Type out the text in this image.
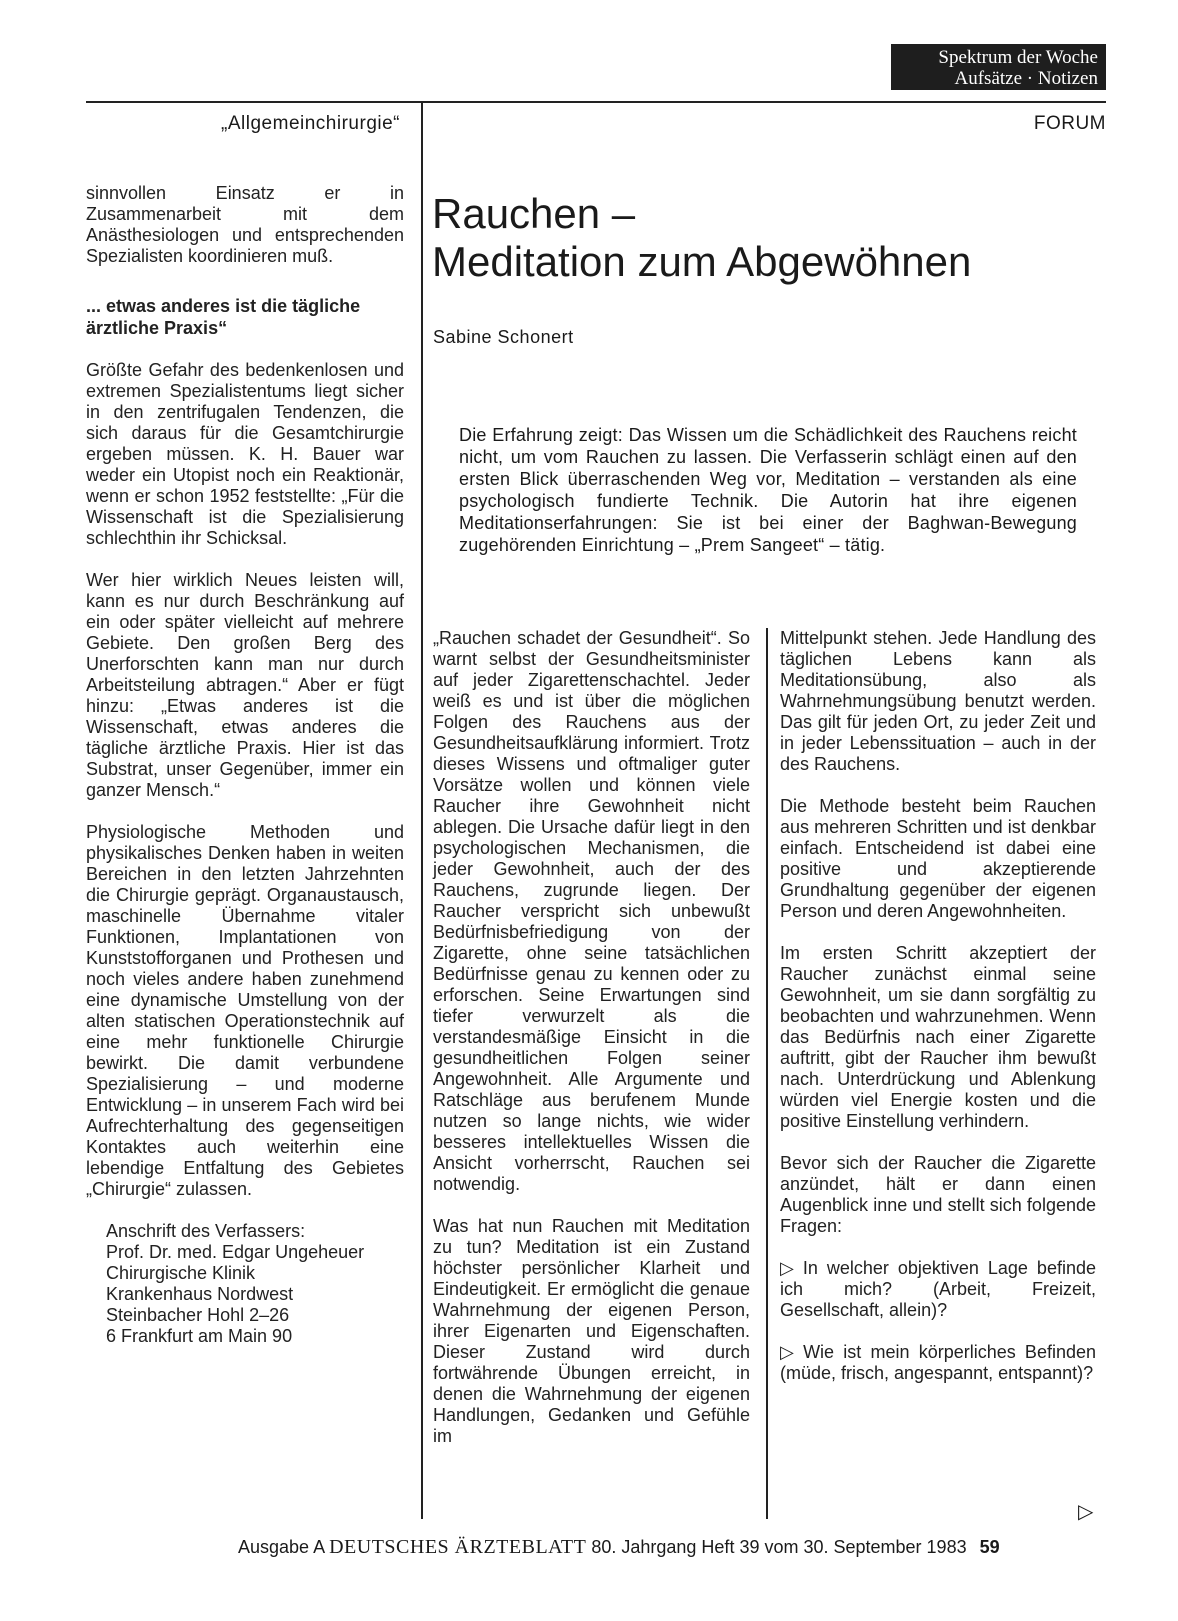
Spektrum der Woche
Aufsätze · Notizen
„Allgemeinchirurgie“	FORUM

sinnvollen Einsatz er in Zusammenarbeit mit dem Anästhesiologen und entsprechenden Spezialisten koordinieren muß.

... etwas anderes ist die tägliche ärztliche Praxis“

Größte Gefahr des bedenkenlosen und extremen Spezialistentums liegt sicher in den zentrifugalen Tendenzen, die sich daraus für die Gesamtchirurgie ergeben müssen. K. H. Bauer war weder ein Utopist noch ein Reaktionär, wenn er schon 1952 feststellte: „Für die Wissenschaft ist die Spezialisierung schlechthin ihr Schicksal.

Wer hier wirklich Neues leisten will, kann es nur durch Beschränkung auf ein oder später vielleicht auf mehrere Gebiete. Den großen Berg des Unerforschten kann man nur durch Arbeitsteilung abtragen.“ Aber er fügt hinzu: „Etwas anderes ist die Wissenschaft, etwas anderes die tägliche ärztliche Praxis. Hier ist das Substrat, unser Gegenüber, immer ein ganzer Mensch.“

Physiologische Methoden und physikalisches Denken haben in weiten Bereichen in den letzten Jahrzehnten die Chirurgie geprägt. Organaustausch, maschinelle Übernahme vitaler Funktionen, Implantationen von Kunststofforganen und Prothesen und noch vieles andere haben zunehmend eine dynamische Umstellung von der alten statischen Operationstechnik auf eine mehr funktionelle Chirurgie bewirkt. Die damit verbundene Spezialisierung – und moderne Entwicklung – in unserem Fach wird bei Aufrechterhaltung des gegenseitigen Kontaktes auch weiterhin eine lebendige Entfaltung des Gebietes „Chirurgie“ zulassen.

Anschrift des Verfassers:
Prof. Dr. med. Edgar Ungeheuer
Chirurgische Klinik
Krankenhaus Nordwest
Steinbacher Hohl 2–26
6 Frankfurt am Main 90
Rauchen –
Meditation zum Abgewöhnen
Sabine Schonert
Die Erfahrung zeigt: Das Wissen um die Schädlichkeit des Rauchens reicht nicht, um vom Rauchen zu lassen. Die Verfasserin schlägt einen auf den ersten Blick überraschenden Weg vor, Meditation – verstanden als eine psychologisch fundierte Technik. Die Autorin hat ihre eigenen Meditationserfahrungen: Sie ist bei einer der Baghwan-Bewegung zugehörenden Einrichtung – „Prem Sangeet“ – tätig.

„Rauchen schadet der Gesundheit“. So warnt selbst der Gesundheitsminister auf jeder Zigarettenschachtel. Jeder weiß es und ist über die möglichen Folgen des Rauchens aus der Gesundheitsaufklärung informiert. Trotz dieses Wissens und oftmaliger guter Vorsätze wollen und können viele Raucher ihre Gewohnheit nicht ablegen. Die Ursache dafür liegt in den psychologischen Mechanismen, die jeder Gewohnheit, auch der des Rauchens, zugrunde liegen. Der Raucher verspricht sich unbewußt Bedürfnisbefriedigung von der Zigarette, ohne seine tatsächlichen Bedürfnisse genau zu kennen oder zu erforschen. Seine Erwartungen sind tiefer verwurzelt als die verstandesmäßige Einsicht in die gesundheitlichen Folgen seiner Angewohnheit. Alle Argumente und Ratschläge aus berufenem Munde nutzen so lange nichts, wie wider besseres intellektuelles Wissen die Ansicht vorherrscht, Rauchen sei notwendig.

Was hat nun Rauchen mit Meditation zu tun? Meditation ist ein Zustand höchster persönlicher Klarheit und Eindeutigkeit. Er ermöglicht die genaue Wahrnehmung der eigenen Person, ihrer Eigenarten und Eigenschaften. Dieser Zustand wird durch fortwährende Übungen erreicht, in denen die Wahrnehmung der eigenen Handlungen, Gedanken und Gefühle im

Mittelpunkt stehen. Jede Handlung des täglichen Lebens kann als Meditationsübung, also als Wahrnehmungsübung benutzt werden. Das gilt für jeden Ort, zu jeder Zeit und in jeder Lebenssituation – auch in der des Rauchens.

Die Methode besteht beim Rauchen aus mehreren Schritten und ist denkbar einfach. Entscheidend ist dabei eine positive und akzeptierende Grundhaltung gegenüber der eigenen Person und deren Angewohnheiten.

Im ersten Schritt akzeptiert der Raucher zunächst einmal seine Gewohnheit, um sie dann sorgfältig zu beobachten und wahrzunehmen. Wenn das Bedürfnis nach einer Zigarette auftritt, gibt der Raucher ihm bewußt nach. Unterdrückung und Ablenkung würden viel Energie kosten und die positive Einstellung verhindern.

Bevor sich der Raucher die Zigarette anzündet, hält er dann einen Augenblick inne und stellt sich folgende Fragen:

▷ In welcher objektiven Lage befinde ich mich? (Arbeit, Freizeit, Gesellschaft, allein)?

▷ Wie ist mein körperliches Befinden (müde, frisch, angespannt, entspannt)?

▷
Ausgabe A DEUTSCHES ÄRZTEBLATT 80. Jahrgang Heft 39 vom 30. September 1983 59
